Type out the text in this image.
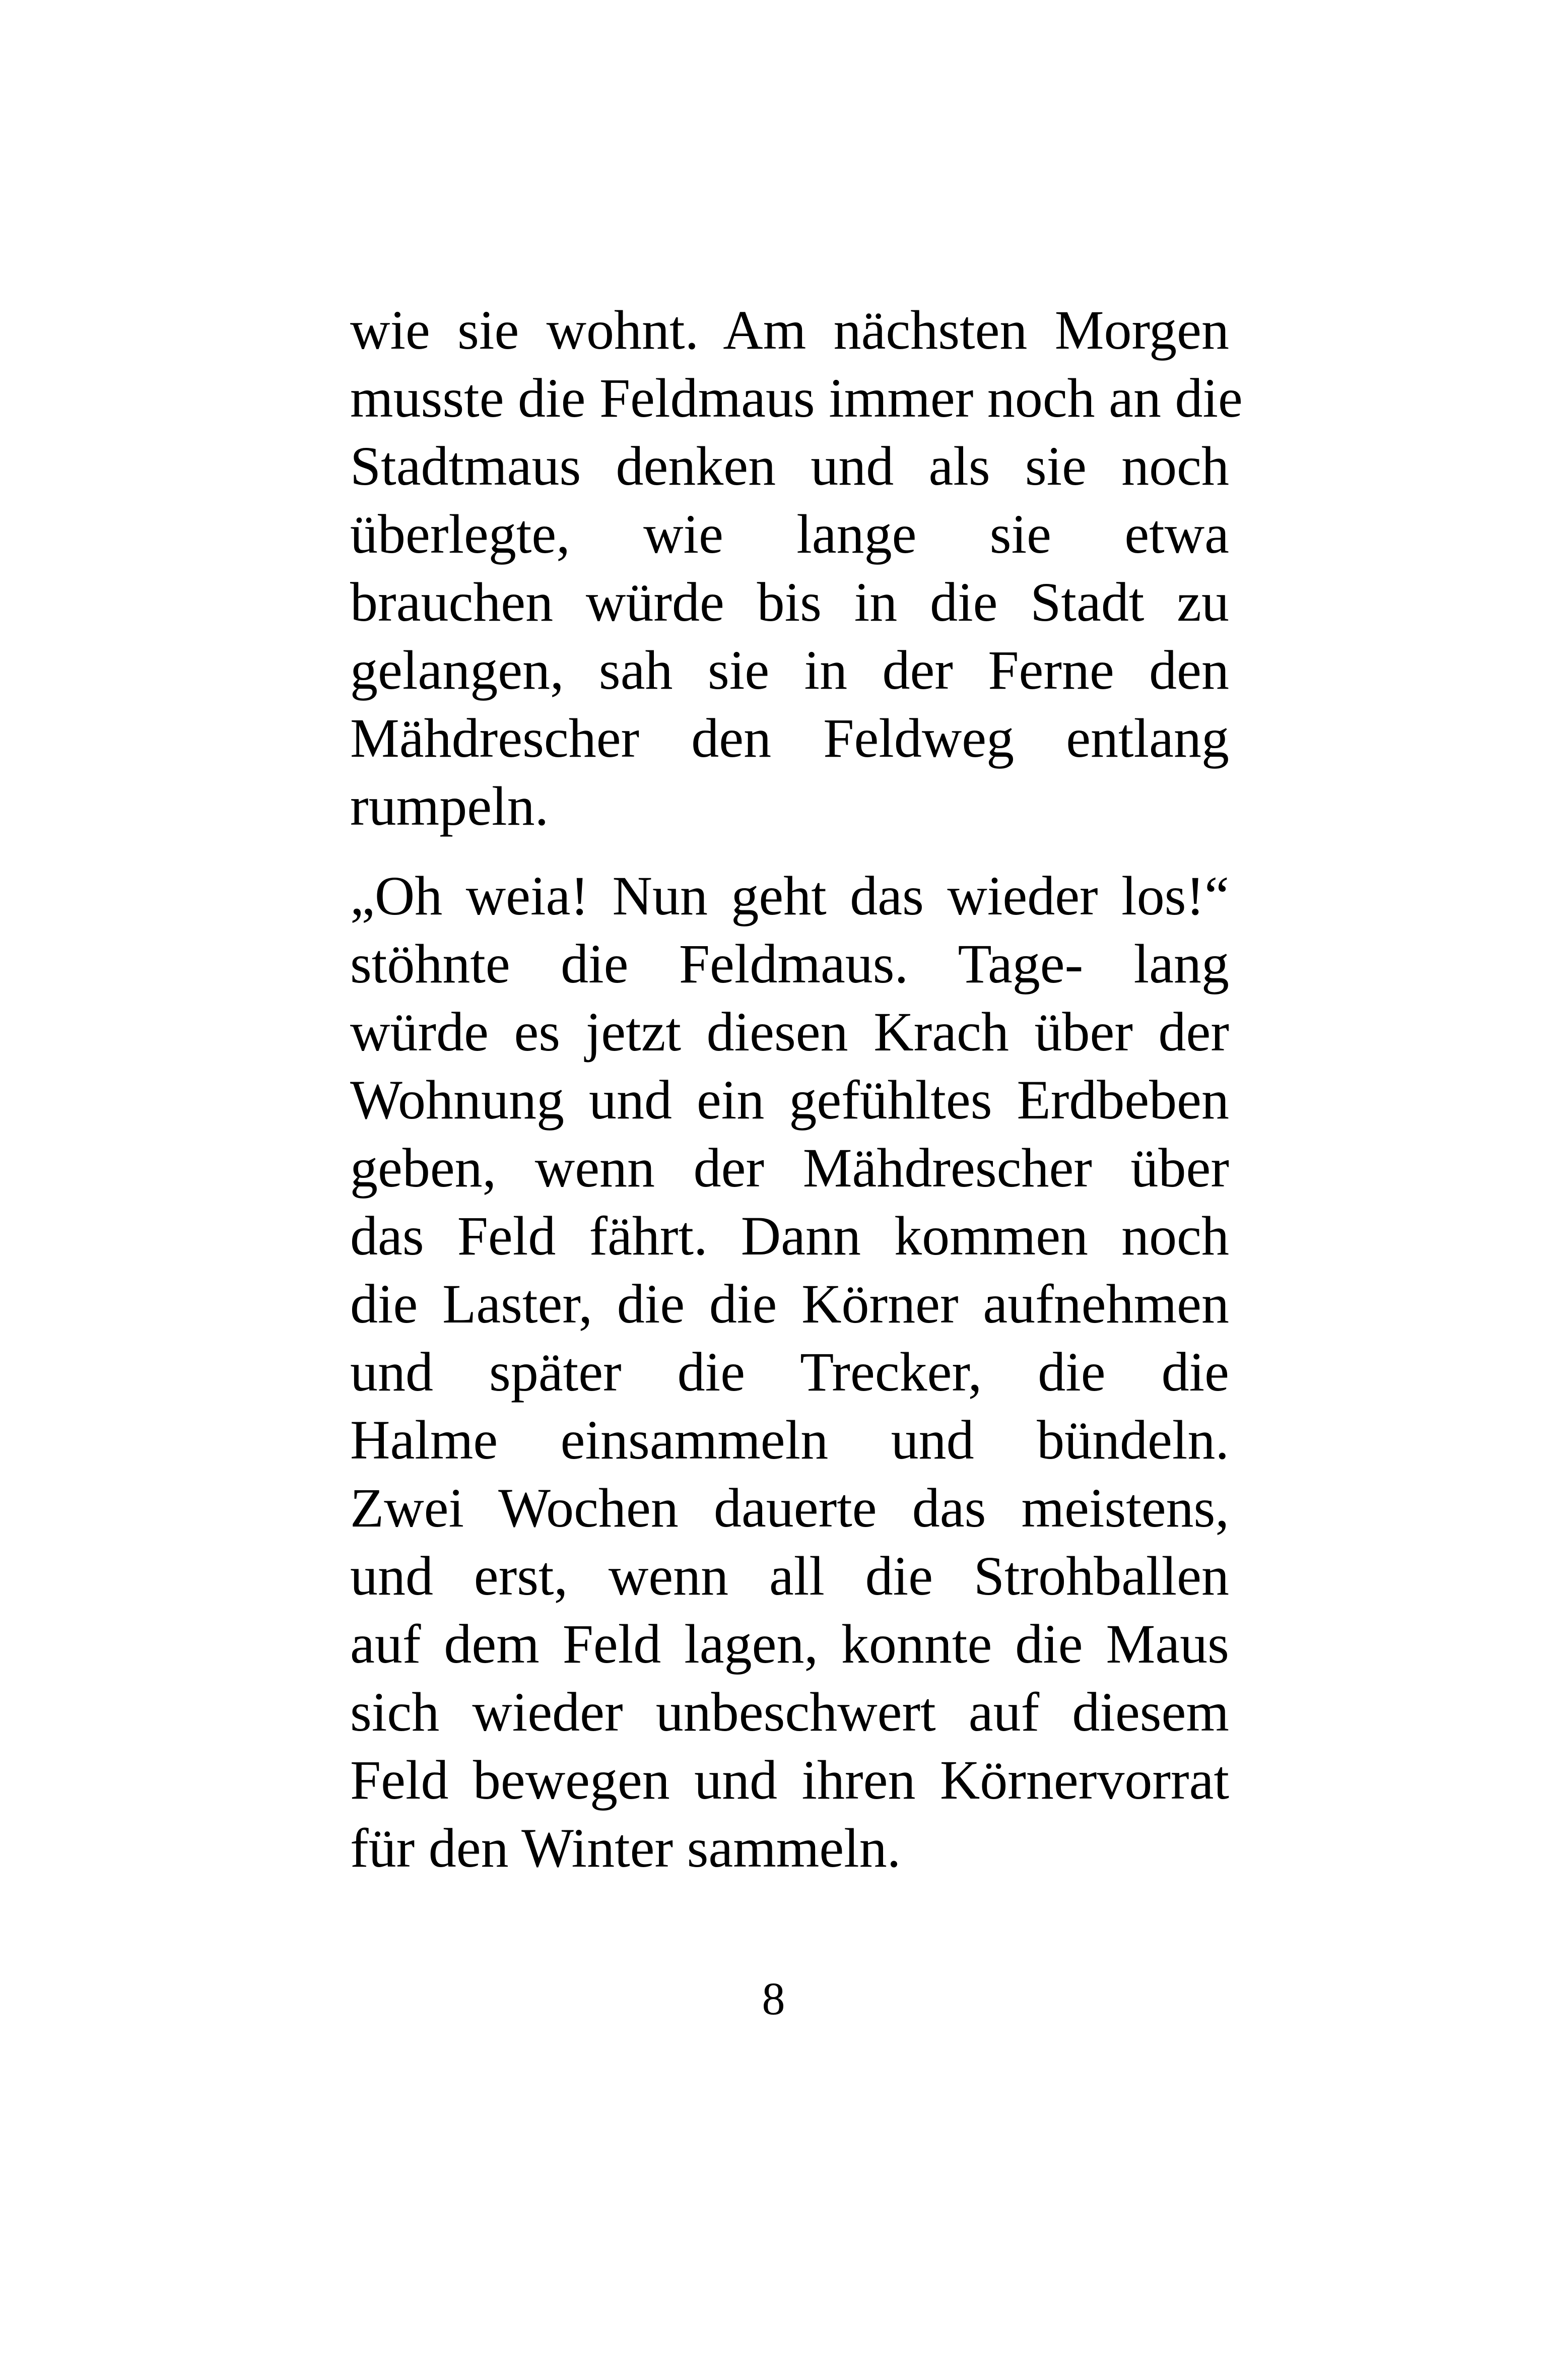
wie sie wohnt. Am nächsten Morgen
musste die Feldmaus immer noch an die
Stadtmaus denken und als sie noch
überlegte, wie lange sie etwa
brauchen würde bis in die Stadt zu
gelangen, sah sie in der Ferne den
Mähdrescher den Feldweg entlang
rumpeln.

„Oh weia! Nun geht das wieder los!“
stöhnte die Feldmaus. Tage- lang
würde es jetzt diesen Krach über der
Wohnung und ein gefühltes Erdbeben
geben, wenn der Mähdrescher über
das Feld fährt. Dann kommen noch
die Laster, die die Körner aufnehmen
und später die Trecker, die die
Halme einsammeln und bündeln.
Zwei Wochen dauerte das meistens,
und erst, wenn all die Strohballen
auf dem Feld lagen, konnte die Maus
sich wieder unbeschwert auf diesem
Feld bewegen und ihren Körnervorrat
für den Winter sammeln.

8
